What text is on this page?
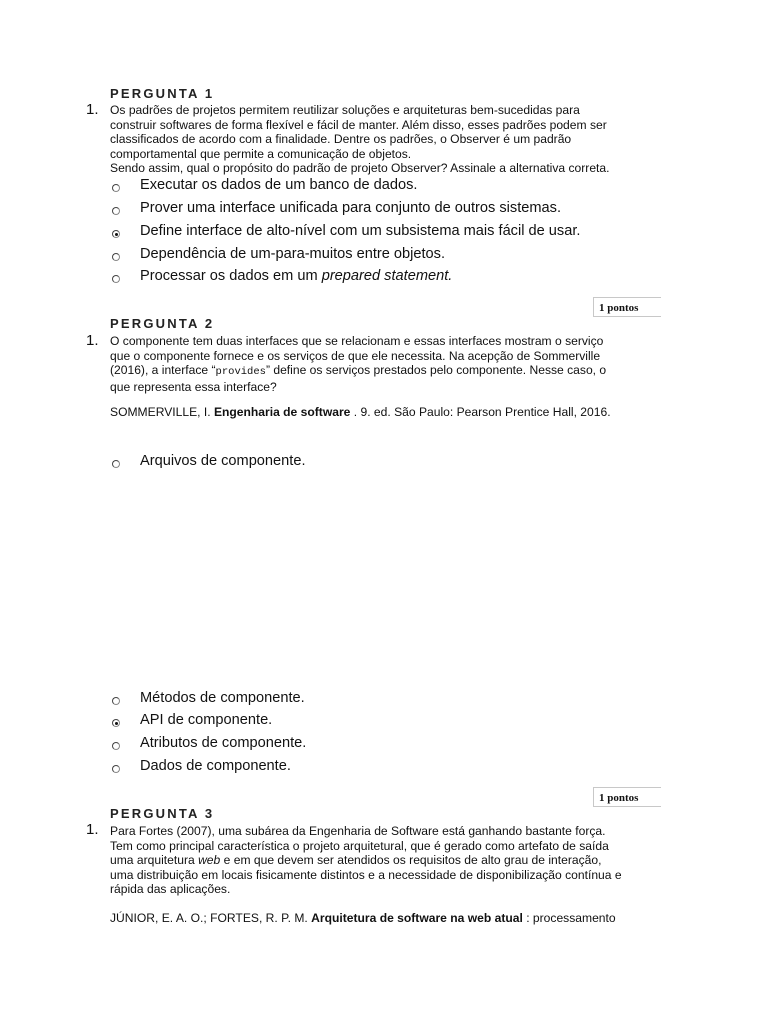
PERGUNTA 1
1. Os padrões de projetos permitem reutilizar soluções e arquiteturas bem-sucedidas para
construir softwares de forma flexível e fácil de manter. Além disso, esses padrões podem ser
classificados de acordo com a finalidade. Dentre os padrões, o Observer é um padrão
comportamental que permite a comunicação de objetos.
Sendo assim, qual o propósito do padrão de projeto Observer? Assinale a alternativa correta.
Executar os dados de um banco de dados.
Prover uma interface unificada para conjunto de outros sistemas.
Define interface de alto-nível com um subsistema mais fácil de usar.
Dependência de um-para-muitos entre objetos.
Processar os dados em um prepared statement.
1 pontos
PERGUNTA 2
1. O componente tem duas interfaces que se relacionam e essas interfaces mostram o serviço
que o componente fornece e os serviços de que ele necessita. Na acepção de Sommerville
(2016), a interface “provides” define os serviços prestados pelo componente. Nesse caso, o
que representa essa interface?
SOMMERVILLE, I. Engenharia de software . 9. ed. São Paulo: Pearson Prentice Hall, 2016.
Arquivos de componente.
Métodos de componente.
API de componente.
Atributos de componente.
Dados de componente.
1 pontos
PERGUNTA 3
1. Para Fortes (2007), uma subárea da Engenharia de Software está ganhando bastante força.
Tem como principal característica o projeto arquitetural, que é gerado como artefato de saída
uma arquitetura web e em que devem ser atendidos os requisitos de alto grau de interação,
uma distribuição em locais fisicamente distintos e a necessidade de disponibilização contínua e
rápida das aplicações.
JÚNIOR, E. A. O.; FORTES, R. P. M. Arquitetura de software na web atual : processamento
